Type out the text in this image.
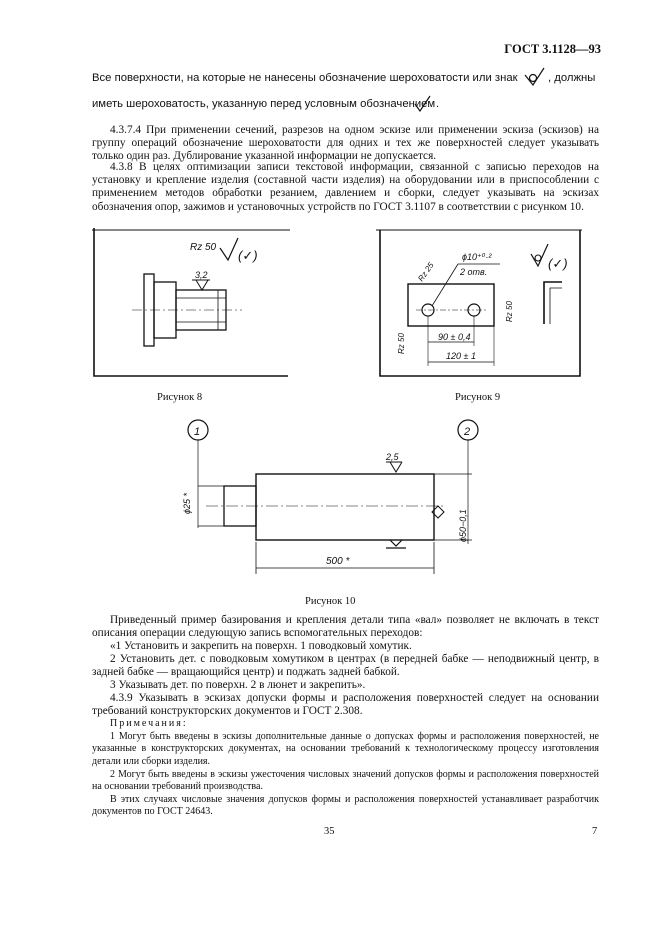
ГОСТ 3.1128—93
Все поверхности, на которые не нанесены обозначение шероховатости или знак	, должны
иметь шероховатость, указанную перед условным обозначением .
4.3.7.4 При применении сечений, разрезов на одном эскизе или применении эскиза (эскизов) на группу операций обозначение шероховатости для одних и тех же поверхностей следует указывать только один раз. Дублирование указанной информации не допускается.
4.3.8 В целях оптимизации записи текстовой информации, связанной с записью переходов на установку и крепление изделия (составной части изделия) на оборудовании или в приспособлении с применением методов обработки резанием, давлением и сборки, следует указывать на эскизах обозначения опор, зажимов и установочных устройств по ГОСТ 3.1107 в соответствии с рисунком 10.
Rz 50
(✓)
3,2
Рисунок 8
ϕ10⁺⁰·²
2 отв.
Rz 25	(✓)
Rz 50
Rz 50	90 ± 0,4
120 ± 1
Рисунок 9
1	2
ϕ25 *
ϕ50−0,1
2,5
500 *
Рисунок 10
Приведенный пример базирования и крепления детали типа «вал» позволяет не включать в текст описания операции следующую запись вспомогательных переходов:
«1 Установить и закрепить на поверхн. 1 поводковый хомутик.
2 Установить дет. с поводковым хомутиком в центрах (в передней бабке — неподвижный центр, в задней бабке — вращающийся центр) и поджать задней бабкой.
3 Указывать дет. по поверхн. 2 в люнет и закрепить».
4.3.9 Указывать в эскизах допуски формы и расположения поверхностей следует на основании требований конструкторских документов и ГОСТ 2.308.
Примечания:
1 Могут быть введены в эскизы дополнительные данные о допусках формы и расположения поверхностей, не указанные в конструкторских документах, на основании требований к технологическому процессу изготовления детали или сборки изделия.
2 Могут быть введены в эскизы ужесточения числовых значений допусков формы и расположения поверхностей на основании требований производства.
В этих случаях числовые значения допусков формы и расположения поверхностей устанавливает разработчик документов по ГОСТ 24643.
35	7
